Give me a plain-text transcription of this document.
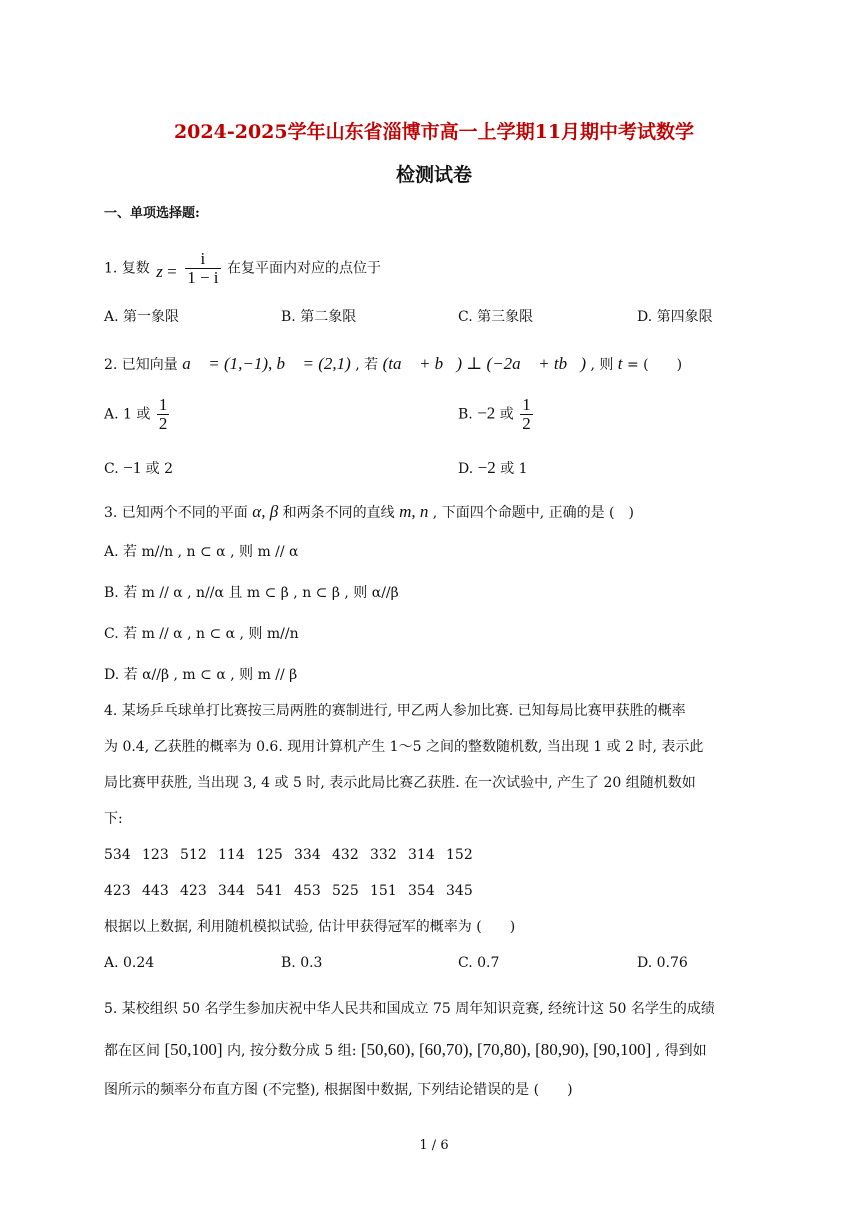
2024-2025学年山东省淄博市高一上学期11月期中考试数学
检测试卷
一、单项选择题:
1. 复数 $z = \frac{i}{1 - i}$ 在复平面内对应的点位于
A. 第一象限	B. 第二象限	C. 第三象限	D. 第四象限
2. 已知向量 a⃗ = (1,−1), b⃗ = (2,1) , 若 (ta⃗ + b⃗) ⊥ (−2a⃗ + tb⃗) , 则 t = (　　)
A. 1 或 $\frac{1}{2}$	B. −2 或 $\frac{1}{2}$
C. −1 或 2	D. −2 或 1
3. 已知两个不同的平面 α, β 和两条不同的直线 m, n , 下面四个命题中, 正确的是 (　)
A. 若 m//n , n ⊂ α , 则 m // α
B. 若 m // α , n//α 且 m ⊂ β , n ⊂ β , 则 α//β
C. 若 m // α , n ⊂ α , 则 m//n
D. 若 α//β , m ⊂ α , 则 m // β
4. 某场乒乓球单打比赛按三局两胜的赛制进行, 甲乙两人参加比赛. 已知每局比赛甲获胜的概率
为 0.4, 乙获胜的概率为 0.6. 现用计算机产生 1～5 之间的整数随机数, 当出现 1 或 2 时, 表示此
局比赛甲获胜, 当出现 3, 4 或 5 时, 表示此局比赛乙获胜. 在一次试验中, 产生了 20 组随机数如
下:
534 123 512 114 125 334 432 332 314 152
423 443 423 344 541 453 525 151 354 345
根据以上数据, 利用随机模拟试验, 估计甲获得冠军的概率为 (　　)
A. 0.24	B. 0.3	C. 0.7	D. 0.76
5. 某校组织 50 名学生参加庆祝中华人民共和国成立 75 周年知识竞赛, 经统计这 50 名学生的成绩
都在区间 [50,100] 内, 按分数分成 5 组: [50,60), [60,70), [70,80), [80,90), [90,100] , 得到如
图所示的频率分布直方图 (不完整), 根据图中数据, 下列结论错误的是 (　　)
1 / 6
